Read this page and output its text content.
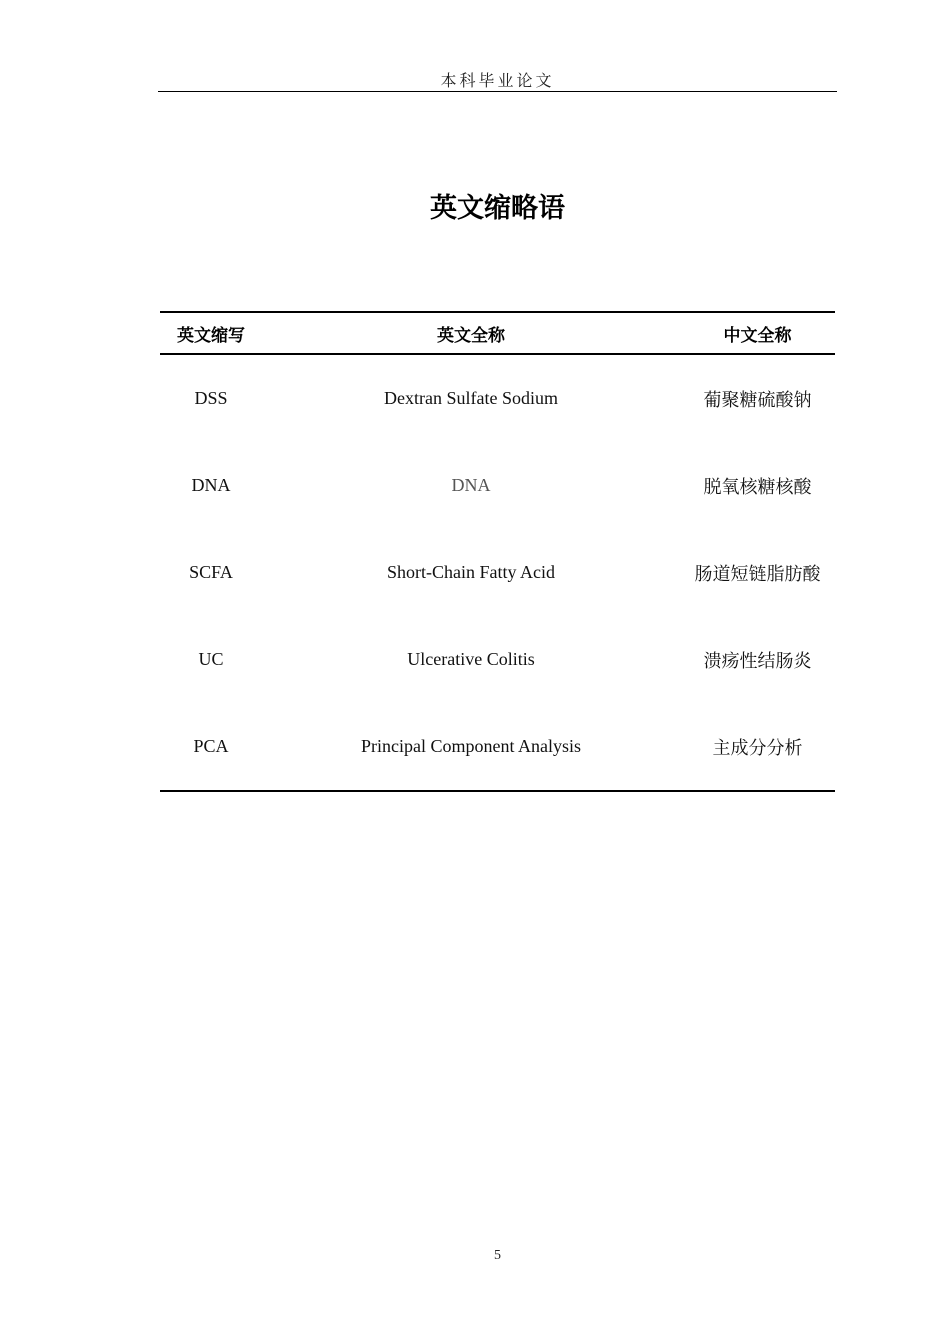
本科毕业论文
英文缩略语
英文缩写	英文全称	中文全称
DSS	Dextran Sulfate Sodium	葡聚糖硫酸钠
DNA	DNA	脱氧核糖核酸
SCFA	Short-Chain Fatty Acid	肠道短链脂肪酸
UC	Ulcerative Colitis	溃疡性结肠炎
PCA	Principal Component Analysis	主成分分析
5
